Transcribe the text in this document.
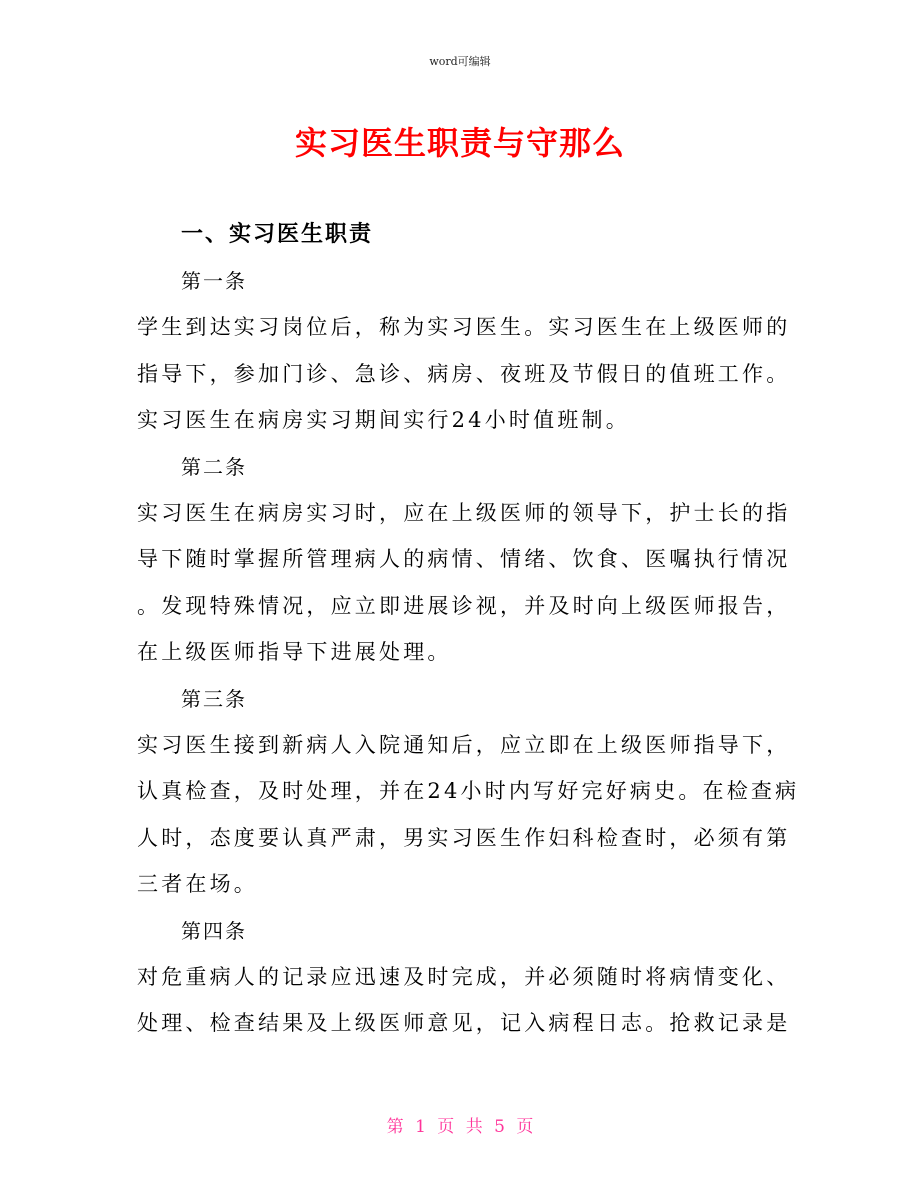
word可编辑
实习医生职责与守那么
一、实习医生职责
第一条
学生到达实习岗位后，称为实习医生。实习医生在上级医师的
指导下，参加门诊、急诊、病房、夜班及节假日的值班工作。
实习医生在病房实习期间实行24小时值班制。
第二条
实习医生在病房实习时，应在上级医师的领导下，护士长的指
导下随时掌握所管理病人的病情、情绪、饮食、医嘱执行情况
。发现特殊情况，应立即进展诊视，并及时向上级医师报告，
在上级医师指导下进展处理。
第三条
实习医生接到新病人入院通知后，应立即在上级医师指导下，
认真检查，及时处理，并在24小时内写好完好病史。在检查病
人时，态度要认真严肃，男实习医生作妇科检查时，必须有第
三者在场。
第四条
对危重病人的记录应迅速及时完成，并必须随时将病情变化、
处理、检查结果及上级医师意见，记入病程日志。抢救记录是
第 1 页 共 5 页
